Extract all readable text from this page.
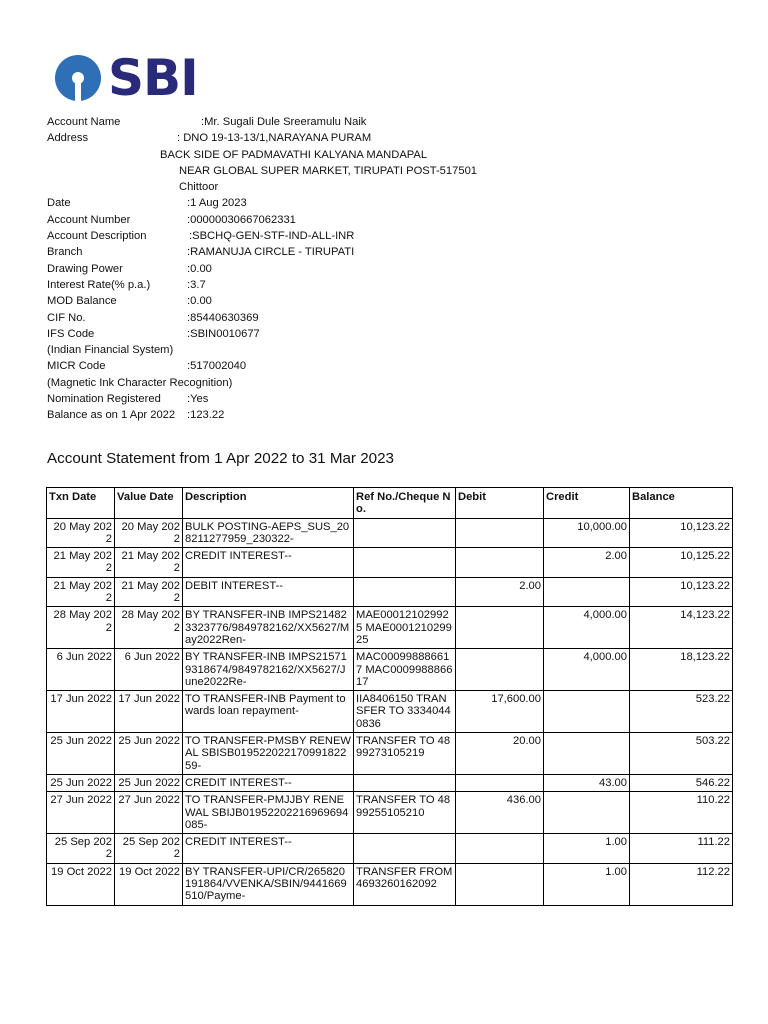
SBI
Account Name	:Mr. Sugali Dule Sreeramulu Naik
Address	: DNO 19-13-13/1,NARAYANA PURAM
BACK SIDE OF PADMAVATHI KALYANA MANDAPAL
NEAR GLOBAL SUPER MARKET, TIRUPATI POST-517501
Chittoor
Date	:1 Aug 2023
Account Number	:00000030667062331
Account Description	:SBCHQ-GEN-STF-IND-ALL-INR
Branch	:RAMANUJA CIRCLE - TIRUPATI
Drawing Power	:0.00
Interest Rate(% p.a.)	:3.7
MOD Balance	:0.00
CIF No.	:85440630369
IFS Code	:SBIN0010677
(Indian Financial System)
MICR Code	:517002040
(Magnetic Ink Character Recognition)
Nomination Registered :Yes
Balance as on 1 Apr 2022 :123.22
Account Statement from 1 Apr 2022 to 31 Mar 2023
Txn Date	Value Date	Description	Ref No./Cheque No.	Debit	Credit	Balance
20 May 2022	20 May 2022	BULK POSTING-AEPS_SUS_208211277959_230322-			10,000.00	10,123.22
21 May 2022	21 May 2022	CREDIT INTEREST--			2.00	10,125.22
21 May 2022	21 May 2022	DEBIT INTEREST--		2.00		10,123.22
28 May 2022	28 May 2022	BY TRANSFER-INB IMPS214823323776/9849782162/XX5627/May2022Ren-	MAE000121029925 MAE000121029925		4,000.00	14,123.22
6 Jun 2022	6 Jun 2022	BY TRANSFER-INB IMPS215719318674/9849782162/XX5627/June2022Re-	MAC000998886617 MAC000998886617		4,000.00	18,123.22
17 Jun 2022	17 Jun 2022	TO TRANSFER-INB Payment towards loan repayment-	IIA8406150 TRANSFER TO 33340440836	17,600.00		523.22
25 Jun 2022	25 Jun 2022	TO TRANSFER-PMSBY RENEWAL SBISB01952202217099182259-	TRANSFER TO 4899273105219	20.00		503.22
25 Jun 2022	25 Jun 2022	CREDIT INTEREST--			43.00	546.22
27 Jun 2022	27 Jun 2022	TO TRANSFER-PMJJBY RENEWAL SBIJB01952202216969694085-	TRANSFER TO 4899255105210	436.00		110.22
25 Sep 2022	25 Sep 2022	CREDIT INTEREST--			1.00	111.22
19 Oct 2022	19 Oct 2022	BY TRANSFER-UPI/CR/265820191864/VVENKA/SBIN/9441669510/Payme-	TRANSFER FROM 4693260162092		1.00	112.22
